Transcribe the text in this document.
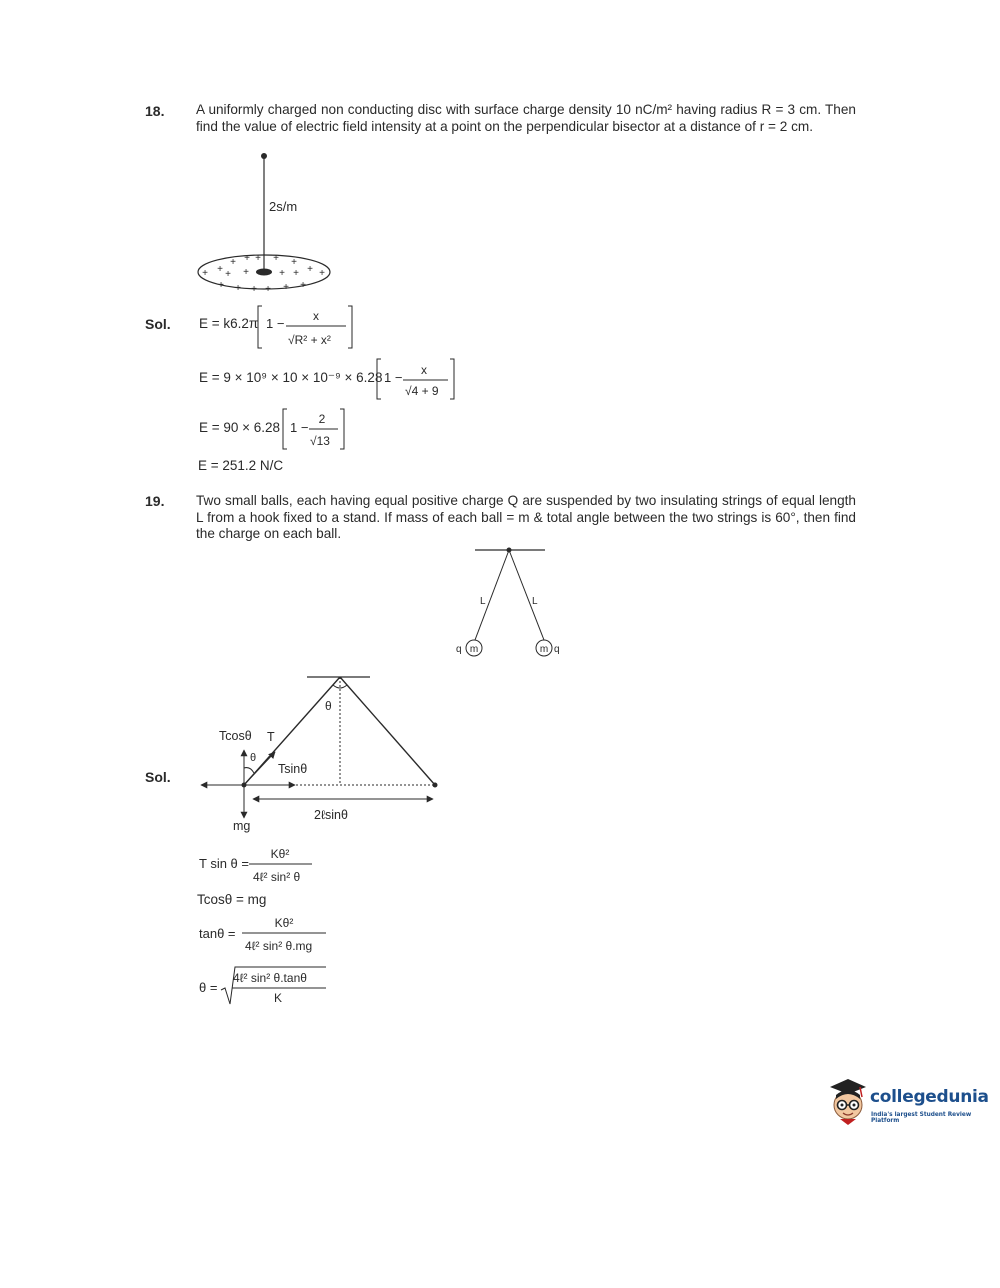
18. A uniformly charged non conducting disc with surface charge density 10 nC/m² having radius R = 3 cm. Then find the value of electric field intensity at a point on the perpendicular bisector at a distance of r = 2 cm.
2s/m
+ + + + +
+ + + +	+ + + +
+ + + + + +
Sol. E = k6.2π 1 − x
√R² + x²
E = 9 × 10⁹ × 10 × 10⁻⁹ × 6.28 1 − x
√4 + 9
E = 90 × 6.28 1 −
2
√13
E = 251.2 N/C
19. Two small balls, each having equal positive charge Q are suspended by two insulating strings of equal length L from a hook fixed to a stand. If mass of each ball = m & total angle between the two strings is 60°, then find the charge on each ball.
L	L
m
q	m q
Sol.
θ
Tcosθ T
θ
Tsinθ
mg
2ℓsinθ
T sin θ =
Kθ²
4ℓ² sin² θ
Tcosθ = mg
tanθ =
Kθ²
4ℓ² sin² θ.mg
θ =
4ℓ² sin² θ.tanθ
K
collegedunia
India's largest Student Review Platform
